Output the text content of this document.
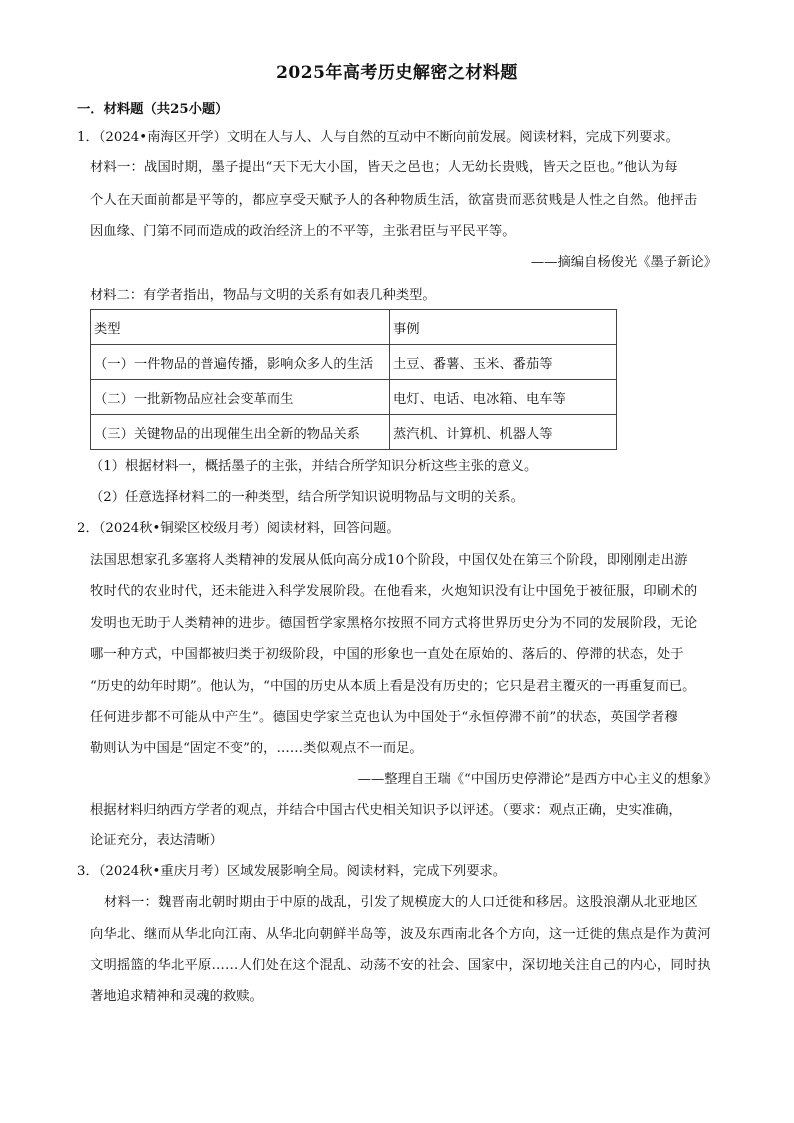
2025年高考历史解密之材料题
一．材料题（共25小题）
1．（2024•南海区开学）文明在人与人、人与自然的互动中不断向前发展。阅读材料，完成下列要求。
材料一：战国时期，墨子提出“天下无大小国，皆天之邑也；人无幼长贵贱，皆天之臣也。”他认为每
个人在天面前都是平等的，都应享受天赋予人的各种物质生活，欲富贵而恶贫贱是人性之自然。他抨击
因血缘、门第不同而造成的政治经济上的不平等，主张君臣与平民平等。
——摘编自杨俊光《墨子新论》
材料二：有学者指出，物品与文明的关系有如表几种类型。
类型	事例
（一）一件物品的普遍传播，影响众多人的生活	土豆、番薯、玉米、番茄等
（二）一批新物品应社会变革而生	电灯、电话、电冰箱、电车等
（三）关键物品的出现催生出全新的物品关系	蒸汽机、计算机、机器人等
（1）根据材料一，概括墨子的主张，并结合所学知识分析这些主张的意义。
（2）任意选择材料二的一种类型，结合所学知识说明物品与文明的关系。
2．（2024秋•铜梁区校级月考）阅读材料，回答问题。
法国思想家孔多塞将人类精神的发展从低向高分成10个阶段，中国仅处在第三个阶段，即刚刚走出游
牧时代的农业时代，还未能进入科学发展阶段。在他看来，火炮知识没有让中国免于被征服，印刷术的
发明也无助于人类精神的进步。德国哲学家黑格尔按照不同方式将世界历史分为不同的发展阶段，无论
哪一种方式，中国都被归类于初级阶段，中国的形象也一直处在原始的、落后的、停滞的状态，处于
“历史的幼年时期”。他认为，“中国的历史从本质上看是没有历史的；它只是君主覆灭的一再重复而已。
任何进步都不可能从中产生”。德国史学家兰克也认为中国处于“永恒停滞不前”的状态，英国学者穆
勒则认为中国是“固定不变”的，……类似观点不一而足。
——整理自王瑞《“中国历史停滞论”是西方中心主义的想象》
根据材料归纳西方学者的观点，并结合中国古代史相关知识予以评述。（要求：观点正确，史实准确，
论证充分，表达清晰）
3．（2024秋•重庆月考）区域发展影响全局。阅读材料，完成下列要求。
材料一：魏晋南北朝时期由于中原的战乱，引发了规模庞大的人口迁徙和移居。这股浪潮从北亚地区
向华北、继而从华北向江南、从华北向朝鲜半岛等，波及东西南北各个方向，这一迁徙的焦点是作为黄河
文明摇篮的华北平原……人们处在这个混乱、动荡不安的社会、国家中，深切地关注自己的内心，同时执
著地追求精神和灵魂的救赎。
